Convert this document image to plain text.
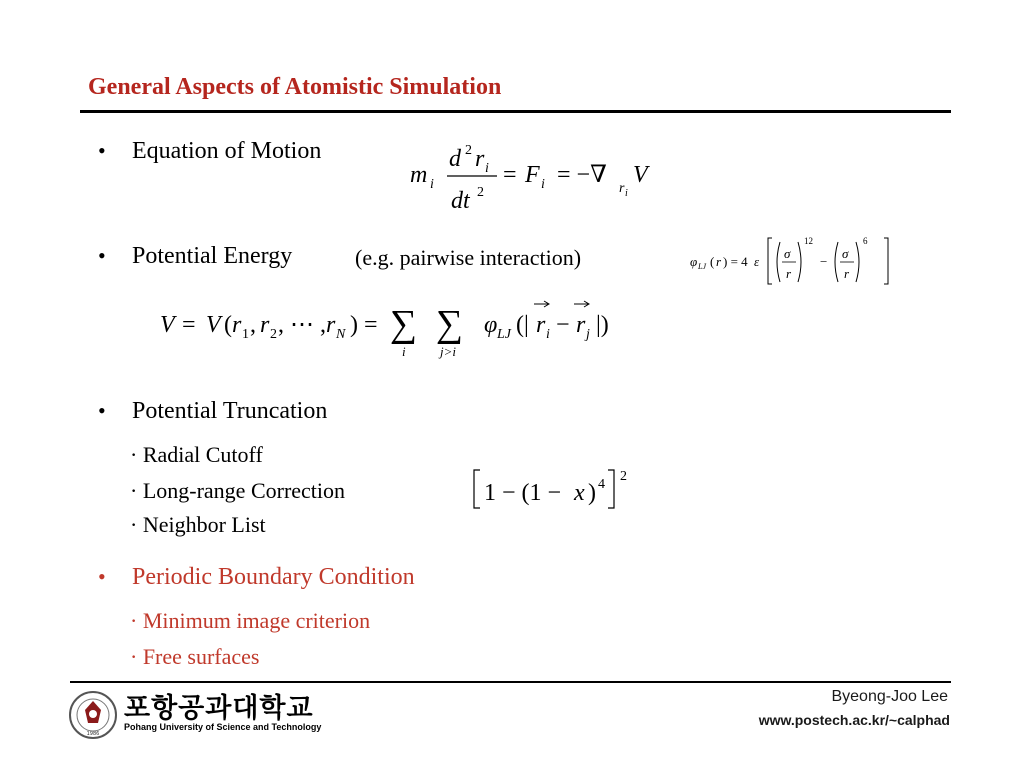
General Aspects of Atomistic Simulation
• Equation of Motion
m i
d 2 r i
dt 2
= F i = −∇
r i
V
• Potential Energy	(e.g. pairwise interaction)	φ LJ ( r ) = 4 ε
σ
r
12
−
σ
r
6
V = V ( r 1 , r 2 , ⋯ , r N ) = ∑
i
∑
j>i
φ LJ (| r i − r j |)
• Potential Truncation
· Radial Cutoff
· Long-range Correction
· Neighbor List
1 − (1 − x ) 4
2
• Periodic Boundary Condition
· Minimum image criterion
· Free surfaces
1986
포항공과대학교
Pohang University of Science and Technology
Byeong-Joo Lee
www.postech.ac.kr/~calphad
